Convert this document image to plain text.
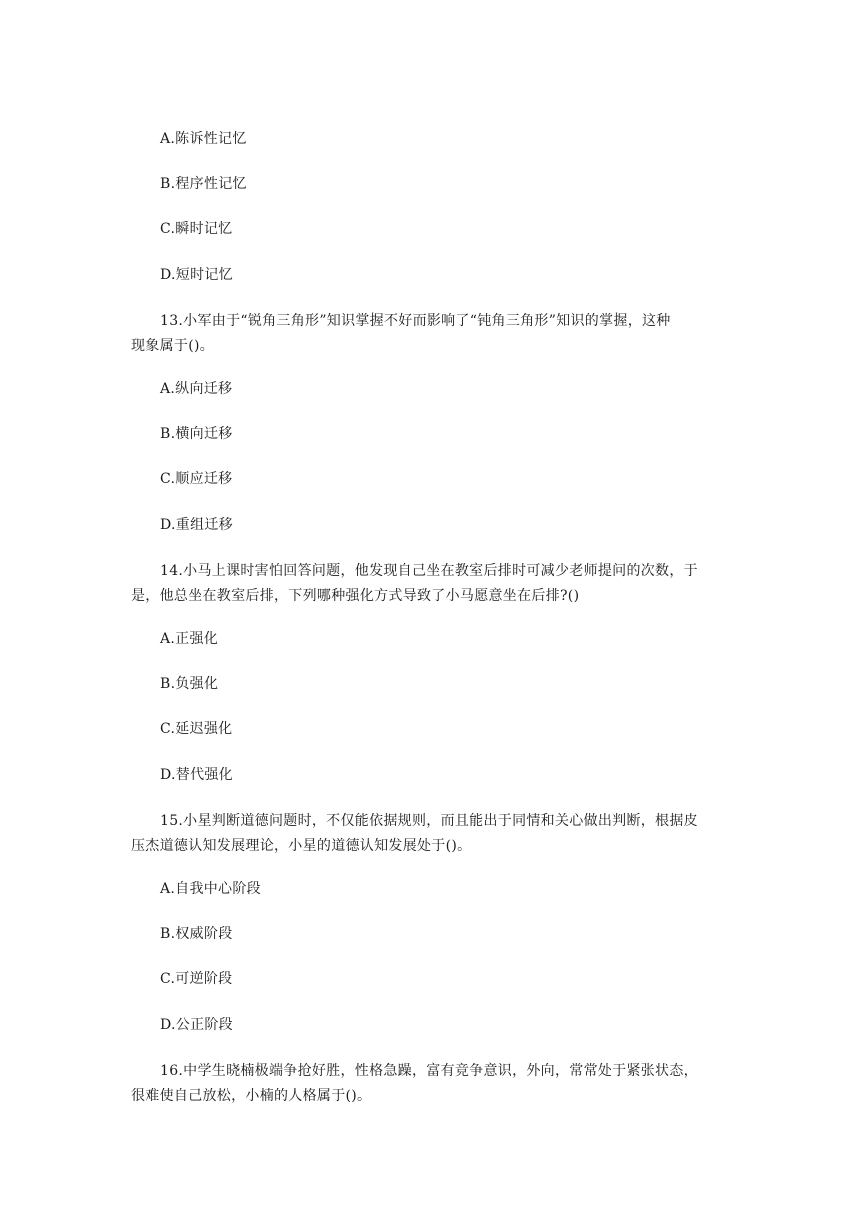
A.陈诉性记忆
B.程序性记忆
C.瞬时记忆
D.短时记忆
13.小军由于“锐角三角形”知识掌握不好而影响了“钝角三角形”知识的掌握，这种
现象属于()。
A.纵向迁移
B.横向迁移
C.顺应迁移
D.重组迁移
14.小马上课时害怕回答问题，他发现自己坐在教室后排时可减少老师提问的次数，于
是，他总坐在教室后排，下列哪种强化方式导致了小马愿意坐在后排?()
A.正强化
B.负强化
C.延迟强化
D.替代强化
15.小星判断道德问题时，不仅能依据规则，而且能出于同情和关心做出判断，根据皮
压杰道德认知发展理论，小星的道德认知发展处于()。
A.自我中心阶段
B.权威阶段
C.可逆阶段
D.公正阶段
16.中学生晓楠极端争抢好胜，性格急躁，富有竞争意识，外向，常常处于紧张状态，
很难使自己放松，小楠的人格属于()。
